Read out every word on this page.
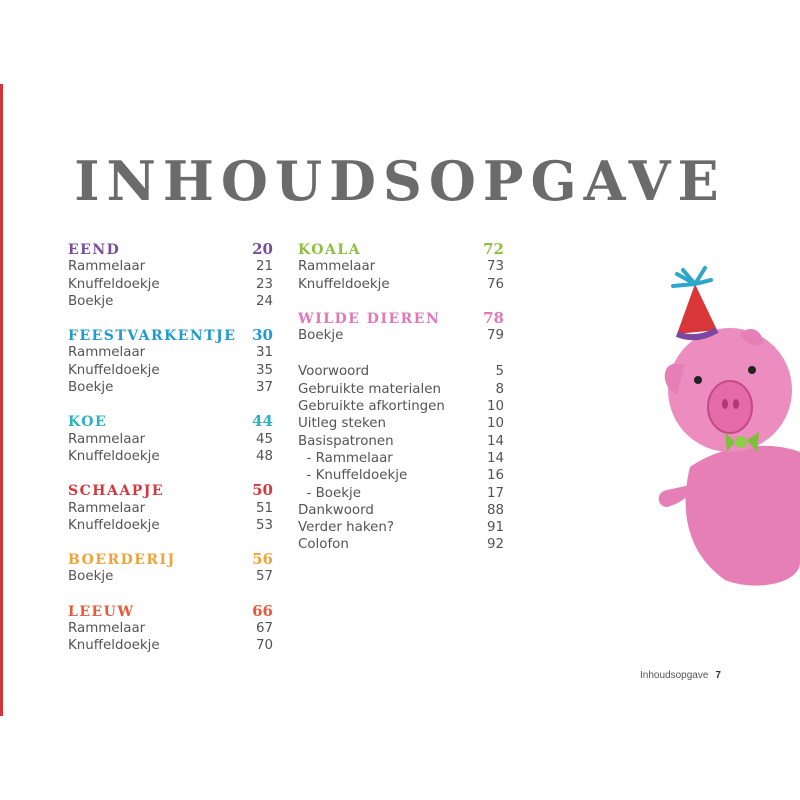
INHOUDSOPGAVE
EEND	20
Rammelaar	21
Knuffeldoekje	23
Boekje	24
FEESTVARKENTJE 30
Rammelaar	31
Knuffeldoekje	35
Boekje	37
KOE	44
Rammelaar	45
Knuffeldoekje	48
SCHAAPJE	50
Rammelaar	51
Knuffeldoekje	53
BOERDERIJ	56
Boekje	57
LEEUW	66
Rammelaar	67
Knuffeldoekje	70
KOALA	72
Rammelaar	73
Knuffeldoekje	76
WILDE DIEREN	78
Boekje	79
Voorwoord	5
Gebruikte materialen	8
Gebruikte afkortingen	10
Uitleg steken	10
Basispatronen	14
- Rammelaar	14
- Knuffeldoekje	16
- Boekje	17
Dankwoord	88
Verder haken?	91
Colofon	92
Inhoudsopgave 7
